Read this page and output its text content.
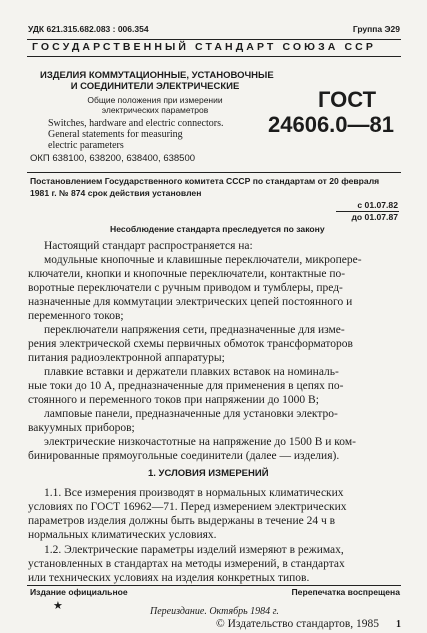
УДК 621.315.682.083 : 006.354	Группа Э29
ГОСУДАРСТВЕННЫЙ СТАНДАРТ СОЮЗА ССР
ИЗДЕЛИЯ КОММУТАЦИОННЫЕ, УСТАНОВОЧНЫЕ
И СОЕДИНИТЕЛИ ЭЛЕКТРИЧЕСКИЕ
Общие положения при измерении
электрических параметров
Switches, hardware and electric connectors.
General statements for measuring
electric parameters
ОКП 638100, 638200, 638400, 638500
ГОСТ
24606.0—81
Постановлением Государственного комитета СССР по стандартам от 20 февраля
1981 г. № 874 срок действия установлен
с 01.07.82
до 01.07.87
Несоблюдение стандарта преследуется по закону
Настоящий стандарт распространяется на:
модульные кнопочные и клавишные переключатели, микропере-
ключатели, кнопки и кнопочные переключатели, контактные по-
воротные переключатели с ручным приводом и тумблеры, пред-
назначенные для коммутации электрических цепей постоянного и
переменного токов;
переключатели напряжения сети, предназначенные для изме-
рения электрической схемы первичных обмоток трансформаторов
питания радиоэлектронной аппаратуры;
плавкие вставки и держатели плавких вставок на номиналь-
ные токи до 10 А, предназначенные для применения в цепях по-
стоянного и переменного токов при напряжении до 1000 В;
ламповые панели, предназначенные для установки электро-
вакуумных приборов;
электрические низкочастотные на напряжение до 1500 В и ком-
бинированные прямоугольные соединители (далее — изделия).
1. УСЛОВИЯ ИЗМЕРЕНИЙ
1.1. Все измерения производят в нормальных климатических
условиях по ГОСТ 16962—71. Перед измерением электрических
параметров изделия должны быть выдержаны в течение 24 ч в
нормальных климатических условиях.
1.2. Электрические параметры изделий измеряют в режимах,
установленных в стандартах на методы измерений, в стандартах
или технических условиях на изделия конкретных типов.
Издание официальное	Перепечатка воспрещена
★	Переиздание. Октябрь 1984 г.
© Издательство стандартов, 1985 1
